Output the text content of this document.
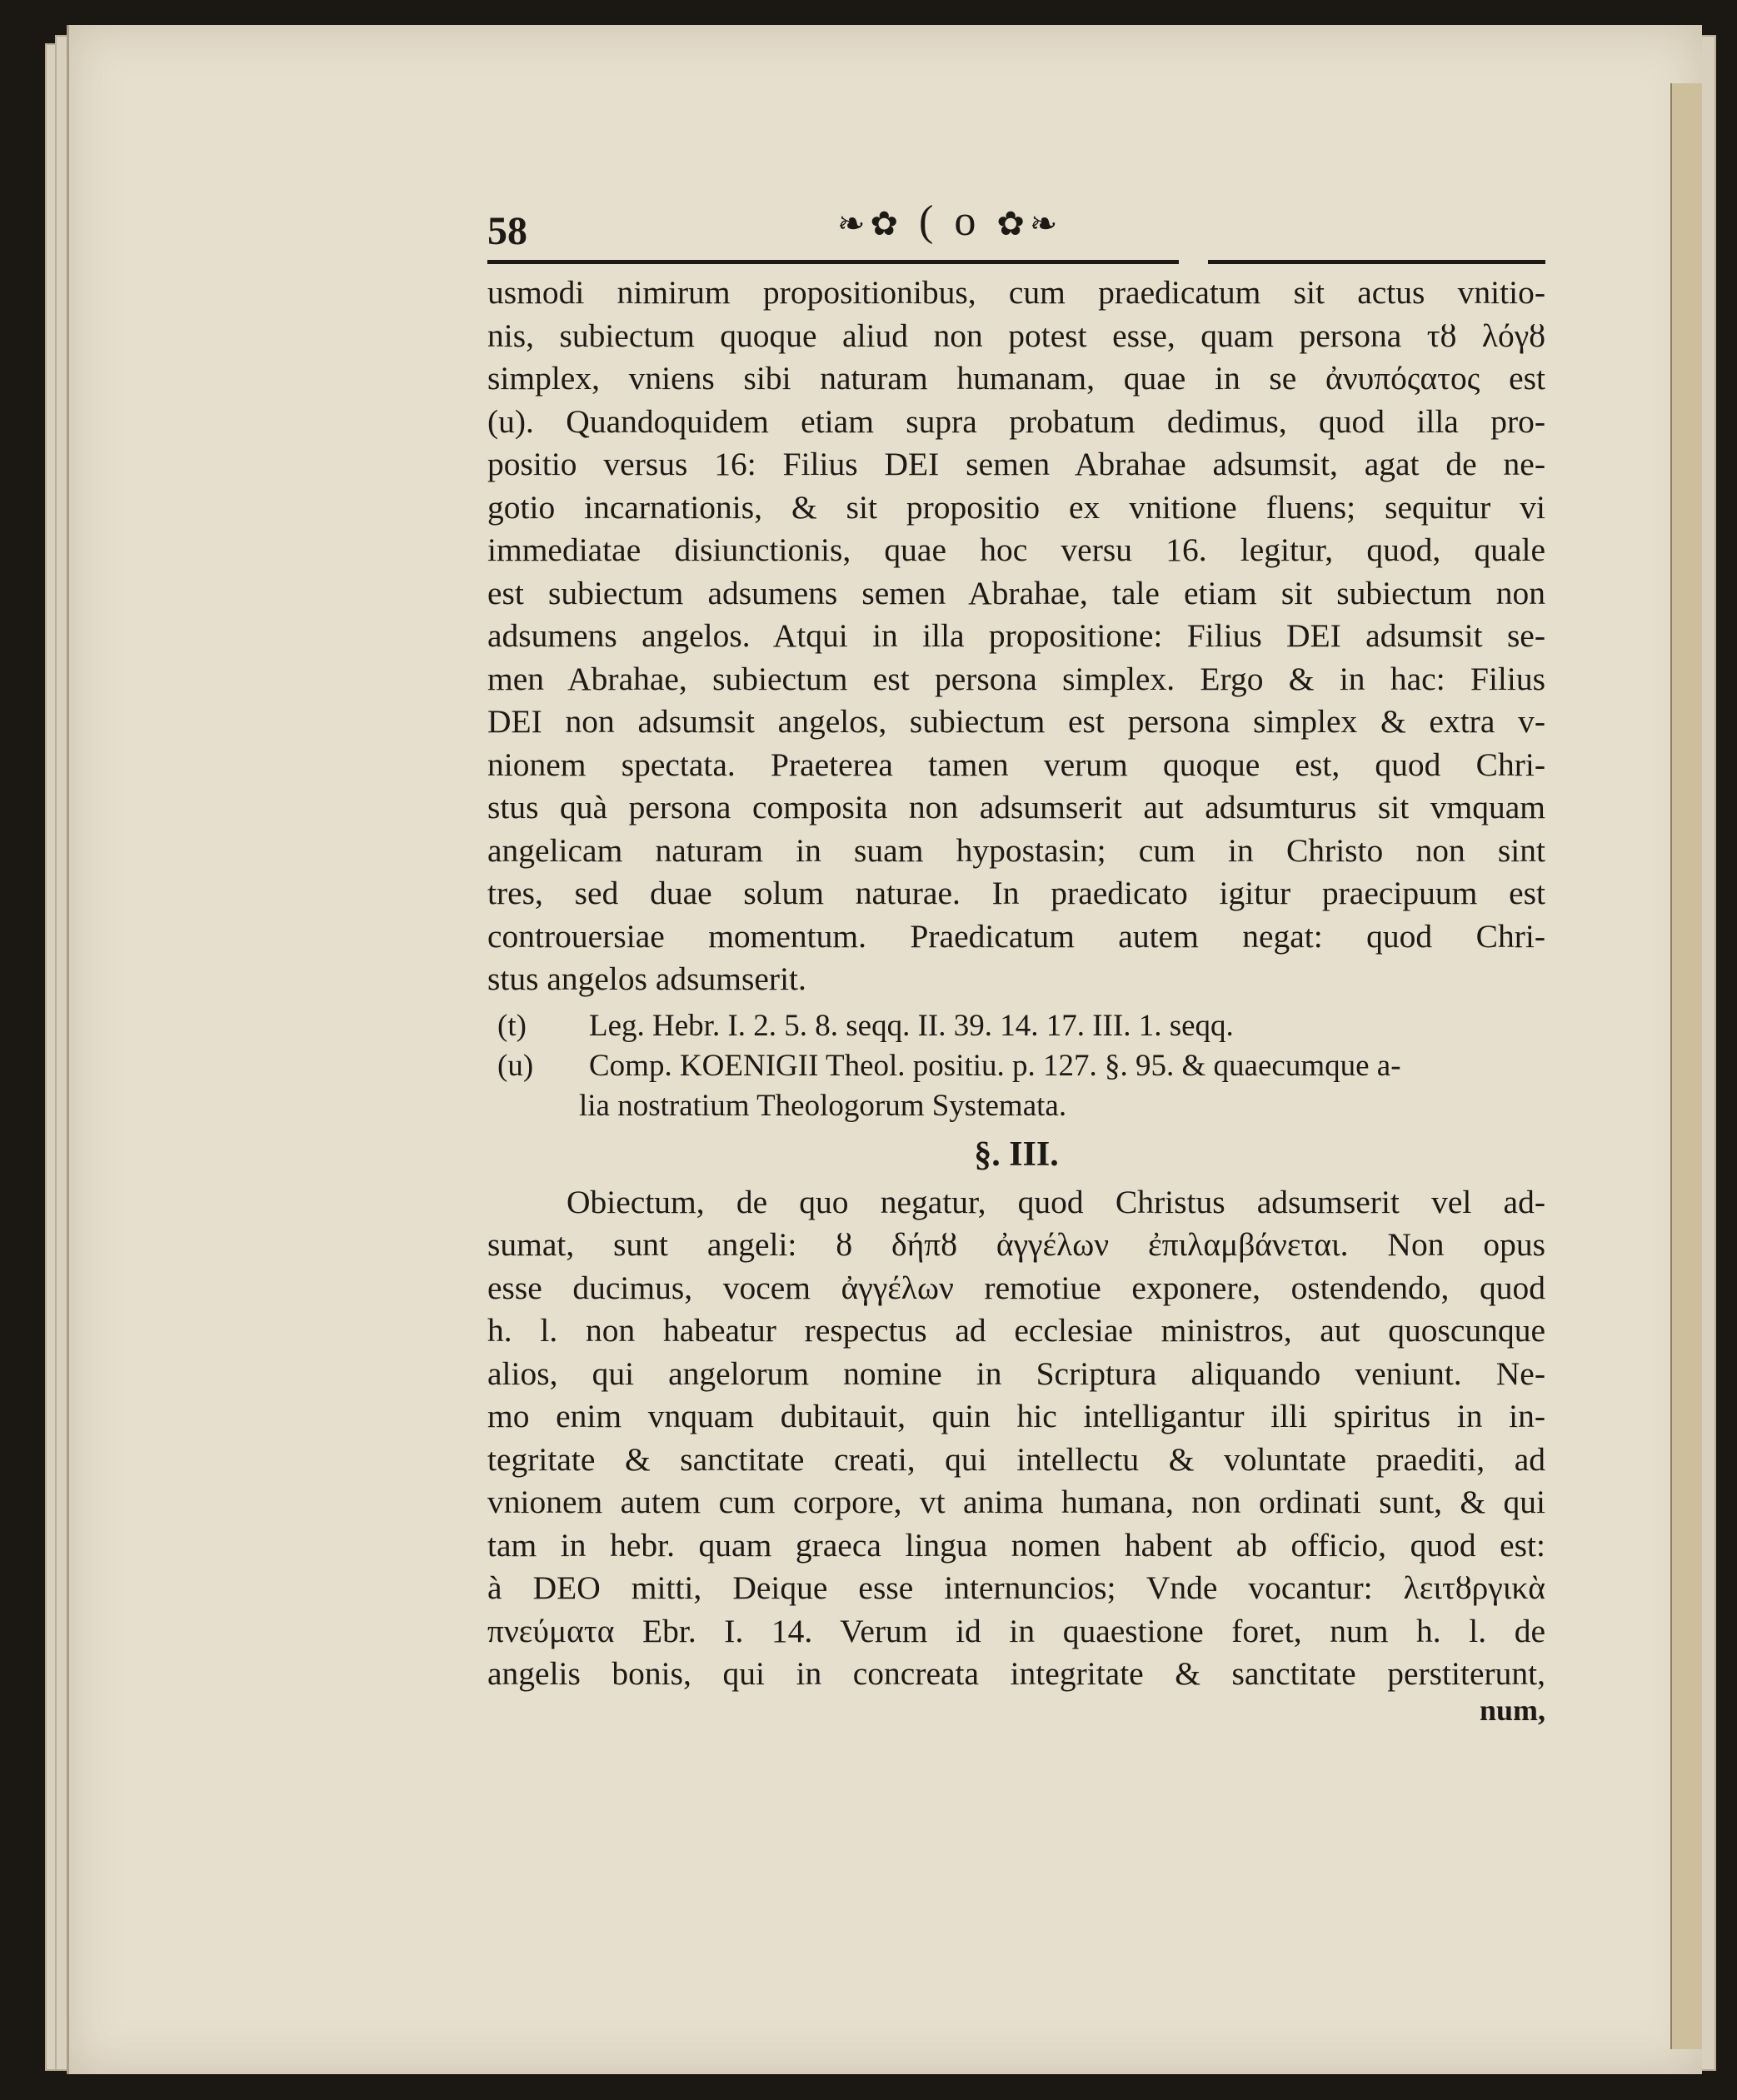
58	❧✿ ( o ✿❧
usmodi nimirum propositionibus, cum praedicatum sit actus vnitio-
nis, subiectum quoque aliud non potest esse, quam persona τȣ λόγȣ
simplex, vniens sibi naturam humanam, quae in se ἀνυπόςατος est
(u). Quandoquidem etiam supra probatum dedimus, quod illa pro-
positio versus 16: Filius DEI semen Abrahae adsumsit, agat de ne-
gotio incarnationis, & sit propositio ex vnitione fluens; sequitur vi
immediatae disiunctionis, quae hoc versu 16. legitur, quod, quale
est subiectum adsumens semen Abrahae, tale etiam sit subiectum non
adsumens angelos. Atqui in illa propositione: Filius DEI adsumsit se-
men Abrahae, subiectum est persona simplex. Ergo & in hac: Filius
DEI non adsumsit angelos, subiectum est persona simplex & extra v-
nionem spectata. Praeterea tamen verum quoque est, quod Chri-
stus quà persona composita non adsumserit aut adsumturus sit vmquam
angelicam naturam in suam hypostasin; cum in Christo non sint
tres, sed duae solum naturae. In praedicato igitur praecipuum est
controuersiae momentum. Praedicatum autem negat: quod Chri-
stus angelos adsumserit.
(t)	Leg. Hebr. I. 2. 5. 8. seqq. II. 39. 14. 17. III. 1. seqq.
(u)	Comp. KOENIGII Theol. positiu. p. 127. §. 95. & quaecumque a-
lia nostratium Theologorum Systemata.
§. III.
Obiectum, de quo negatur, quod Christus adsumserit vel ad-
sumat, sunt angeli: ȣ δήπȣ ἀγγέλων ἐπιλαμβάνεται. Non opus
esse ducimus, vocem ἀγγέλων remotiue exponere, ostendendo, quod
h. l. non habeatur respectus ad ecclesiae ministros, aut quoscunque
alios, qui angelorum nomine in Scriptura aliquando veniunt. Ne-
mo enim vnquam dubitauit, quin hic intelligantur illi spiritus in in-
tegritate & sanctitate creati, qui intellectu & voluntate praediti, ad
vnionem autem cum corpore, vt anima humana, non ordinati sunt, & qui
tam in hebr. quam graeca lingua nomen habent ab officio, quod est:
à DEO mitti, Deique esse internuncios; Vnde vocantur: λειτȣργικὰ
πνεύματα Ebr. I. 14. Verum id in quaestione foret, num h. l. de
angelis bonis, qui in concreata integritate & sanctitate perstiterunt,
num,
